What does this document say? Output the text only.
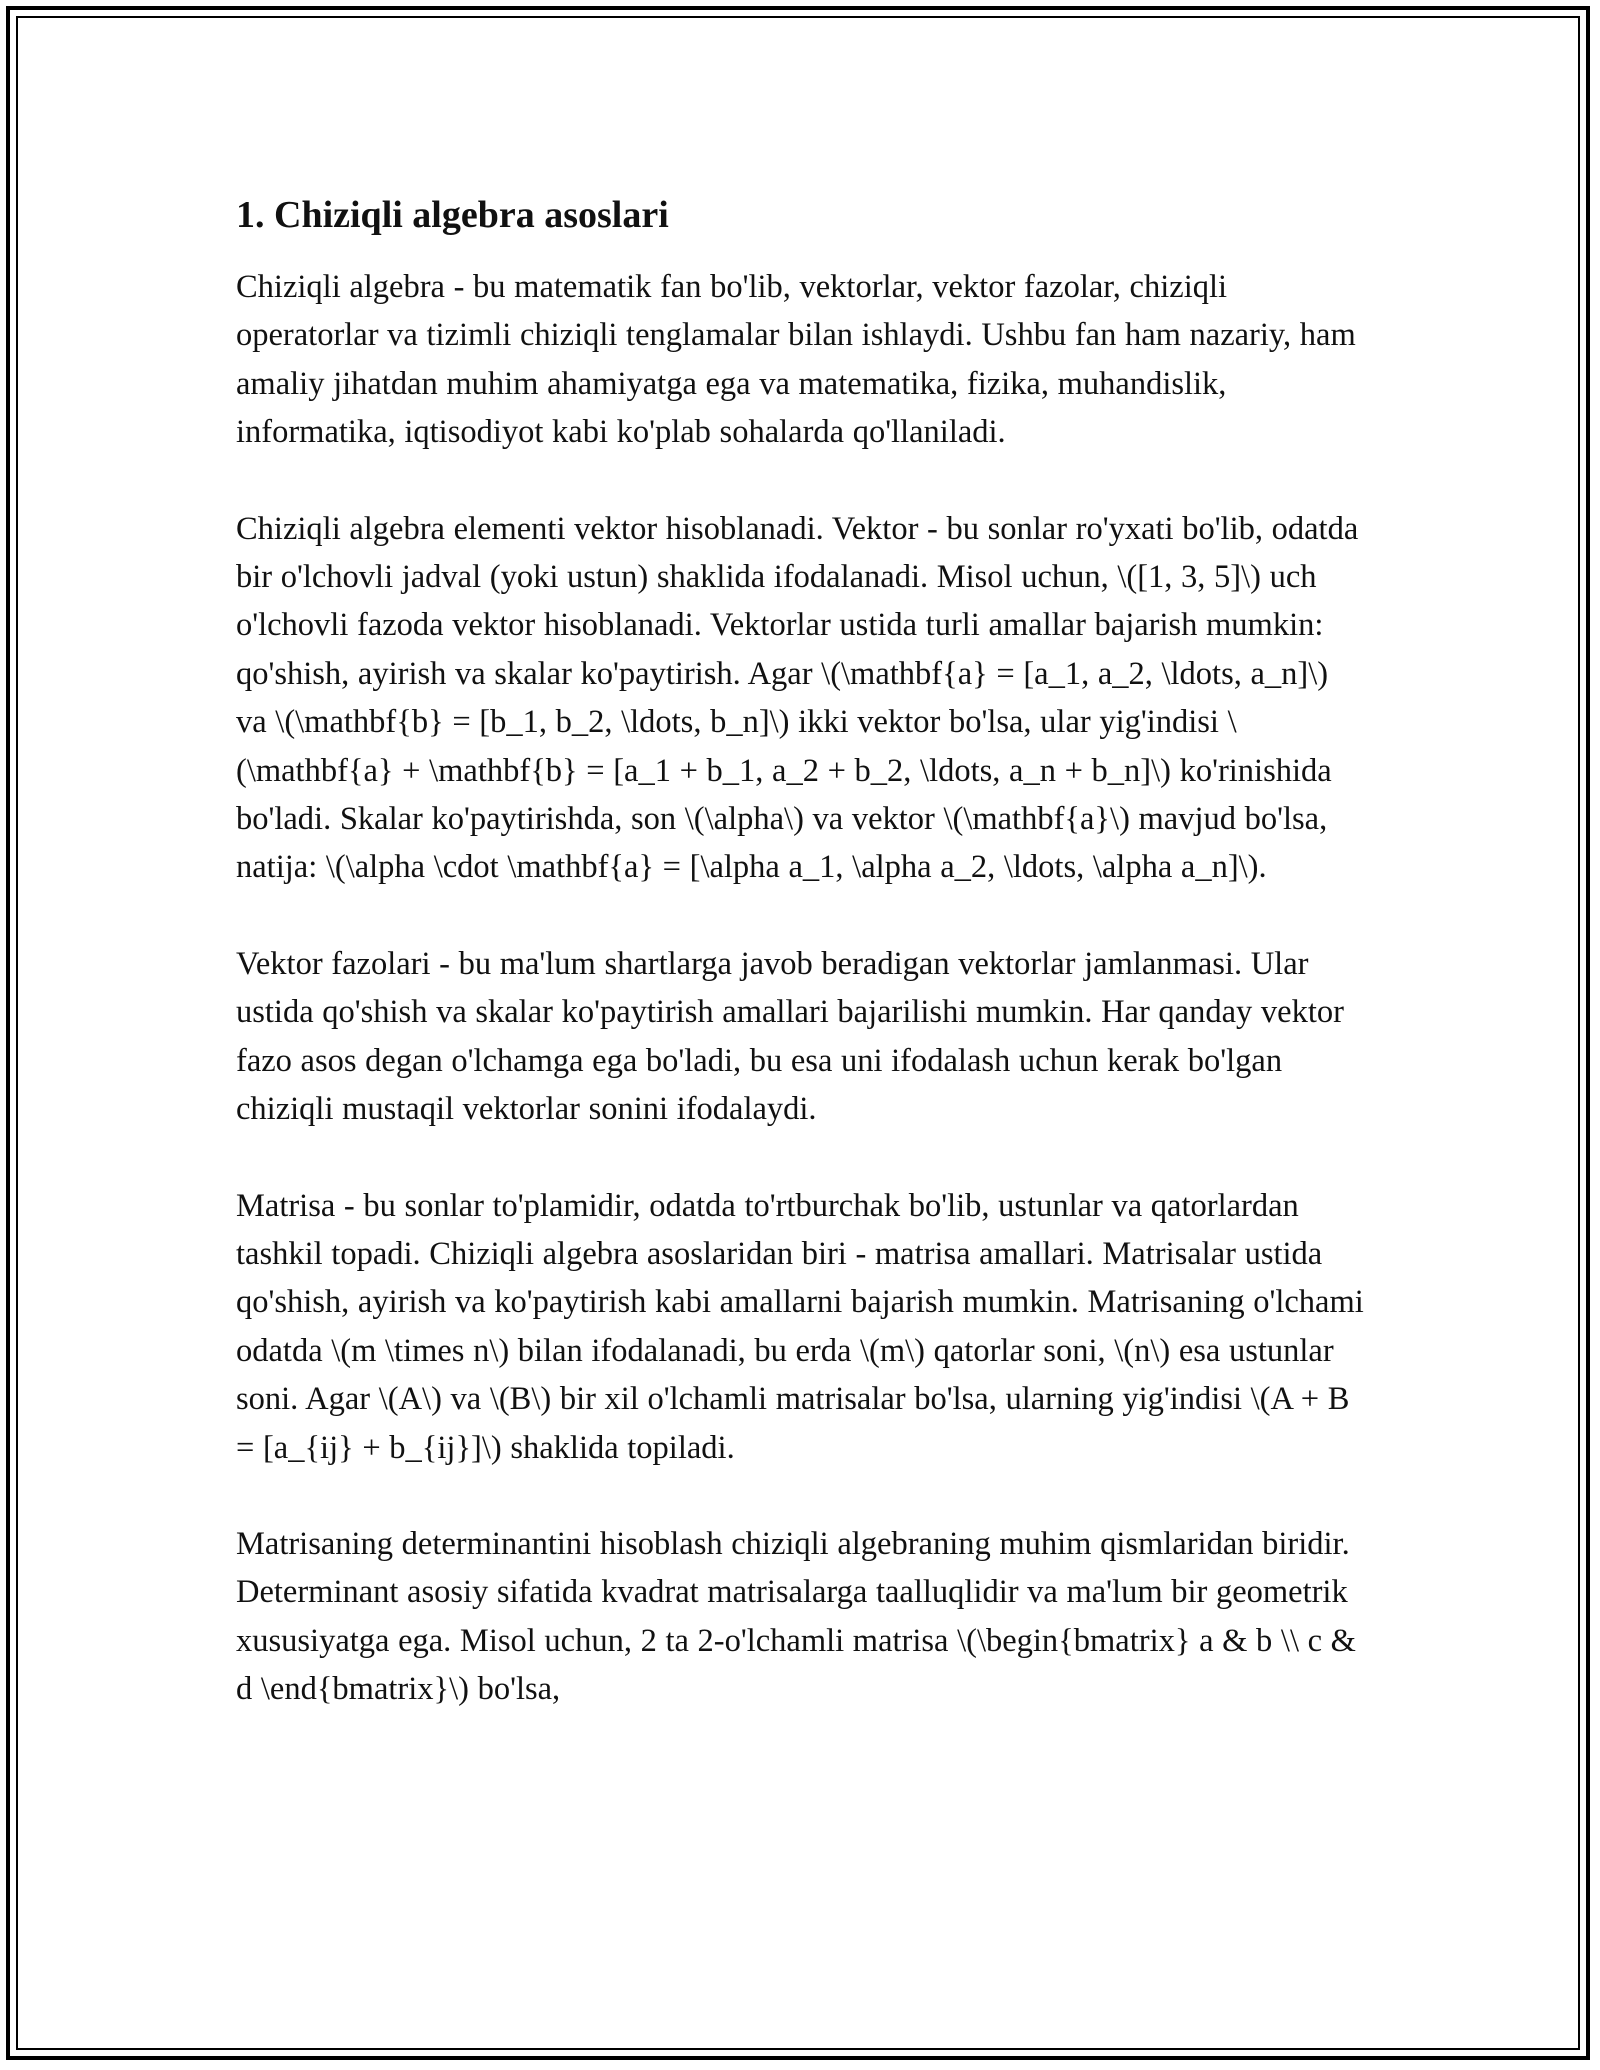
1. Chiziqli algebra asoslari

Chiziqli algebra - bu matematik fan bo'lib, vektorlar, vektor fazolar, chiziqli operatorlar va tizimli chiziqli tenglamalar bilan ishlaydi. Ushbu fan ham nazariy, ham amaliy jihatdan muhim ahamiyatga ega va matematika, fizika, muhandislik, informatika, iqtisodiyot kabi ko'plab sohalarda qo'llaniladi.

Chiziqli algebra elementi vektor hisoblanadi. Vektor - bu sonlar ro'yxati bo'lib, odatda bir o'lchovli jadval (yoki ustun) shaklida ifodalanadi. Misol uchun, \([1, 3, 5]\) uch o'lchovli fazoda vektor hisoblanadi. Vektorlar ustida turli amallar bajarish mumkin: qo'shish, ayirish va skalar ko'paytirish. Agar \(\mathbf{a} = [a_1, a_2, \ldots, a_n]\) va \(\mathbf{b} = [b_1, b_2, \ldots, b_n]\) ikki vektor bo'lsa, ular yig'indisi \(\mathbf{a} + \mathbf{b} = [a_1 + b_1, a_2 + b_2, \ldots, a_n + b_n]\) ko'rinishida bo'ladi. Skalar ko'paytirishda, son \(\alpha\) va vektor \(\mathbf{a}\) mavjud bo'lsa, natija: \(\alpha \cdot \mathbf{a} = [\alpha a_1, \alpha a_2, \ldots, \alpha a_n]\).

Vektor fazolari - bu ma'lum shartlarga javob beradigan vektorlar jamlanmasi. Ular ustida qo'shish va skalar ko'paytirish amallari bajarilishi mumkin. Har qanday vektor fazo asos degan o'lchamga ega bo'ladi, bu esa uni ifodalash uchun kerak bo'lgan chiziqli mustaqil vektorlar sonini ifodalaydi.

Matrisa - bu sonlar to'plamidir, odatda to'rtburchak bo'lib, ustunlar va qatorlardan tashkil topadi. Chiziqli algebra asoslaridan biri - matrisa amallari. Matrisalar ustida qo'shish, ayirish va ko'paytirish kabi amallarni bajarish mumkin. Matrisaning o'lchami odatda \(m \times n\) bilan ifodalanadi, bu erda \(m\) qatorlar soni, \(n\) esa ustunlar soni. Agar \(A\) va \(B\) bir xil o'lchamli matrisalar bo'lsa, ularning yig'indisi \(A + B = [a_{ij} + b_{ij}]\) shaklida topiladi.

Matrisaning determinantini hisoblash chiziqli algebraning muhim qismlaridan biridir. Determinant asosiy sifatida kvadrat matrisalarga taalluqlidir va ma'lum bir geometrik xususiyatga ega. Misol uchun, 2 ta 2-o'lchamli matrisa \(\begin{bmatrix} a & b \\ c & d \end{bmatrix}\) bo'lsa,
